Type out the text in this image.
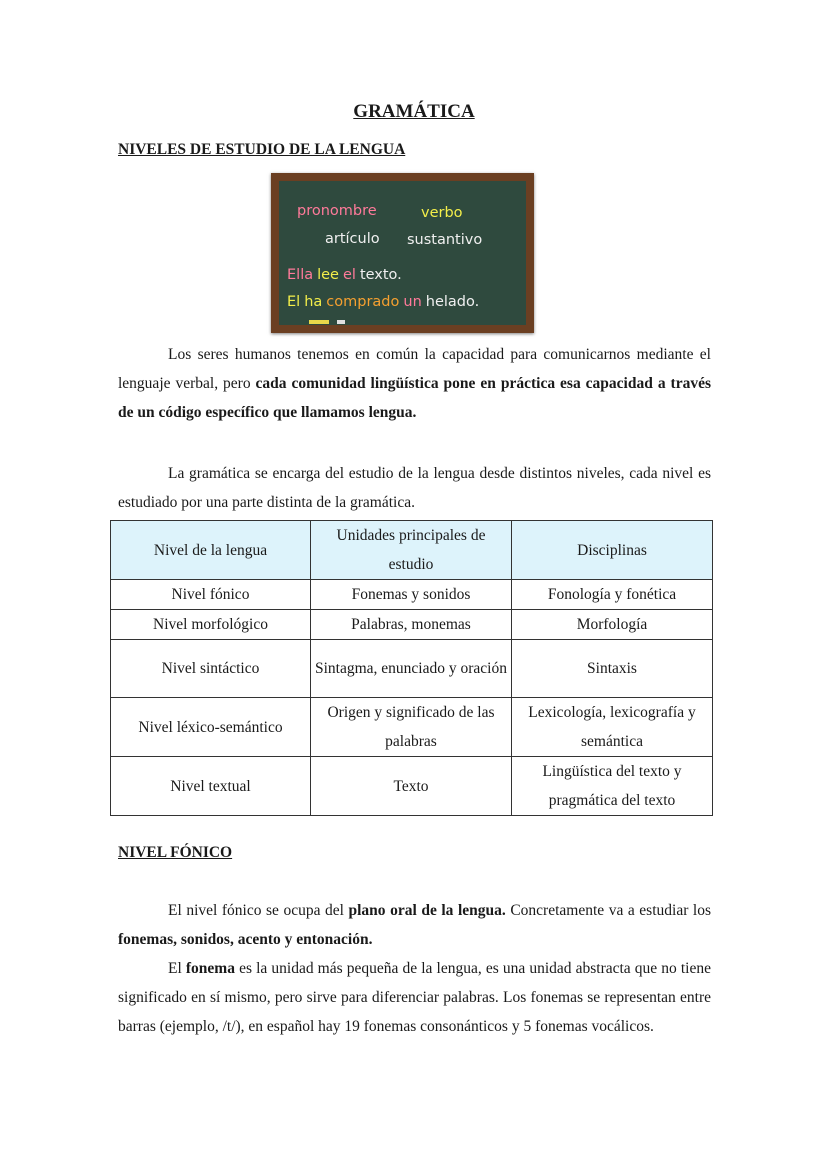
GRAMÁTICA
NIVELES DE ESTUDIO DE LA LENGUA
pronombre	verbo
artículo sustantivo
Ella lee el texto.
El ha comprado un helado.

Los seres humanos tenemos en común la capacidad para comunicarnos mediante el lenguaje verbal, pero cada comunidad lingüística pone en práctica esa capacidad a través de un código específico que llamamos lengua.

La gramática se encarga del estudio de la lengua desde distintos niveles, cada nivel es estudiado por una parte distinta de la gramática.

Nivel de la lengua	Unidades principales de estudio	Disciplinas
Nivel fónico	Fonemas y sonidos	Fonología y fonética
Nivel morfológico	Palabras, monemas	Morfología
Nivel sintáctico	Sintagma, enunciado y oración	Sintaxis
Nivel léxico-semántico	Origen y significado de las palabras	Lexicología, lexicografía y semántica
Nivel textual	Texto	Lingüística del texto y pragmática del texto
NIVEL FÓNICO

El nivel fónico se ocupa del plano oral de la lengua. Concretamente va a estudiar los fonemas, sonidos, acento y entonación.

El fonema es la unidad más pequeña de la lengua, es una unidad abstracta que no tiene significado en sí mismo, pero sirve para diferenciar palabras. Los fonemas se representan entre barras (ejemplo, /t/), en español hay 19 fonemas consonánticos y 5 fonemas vocálicos.
